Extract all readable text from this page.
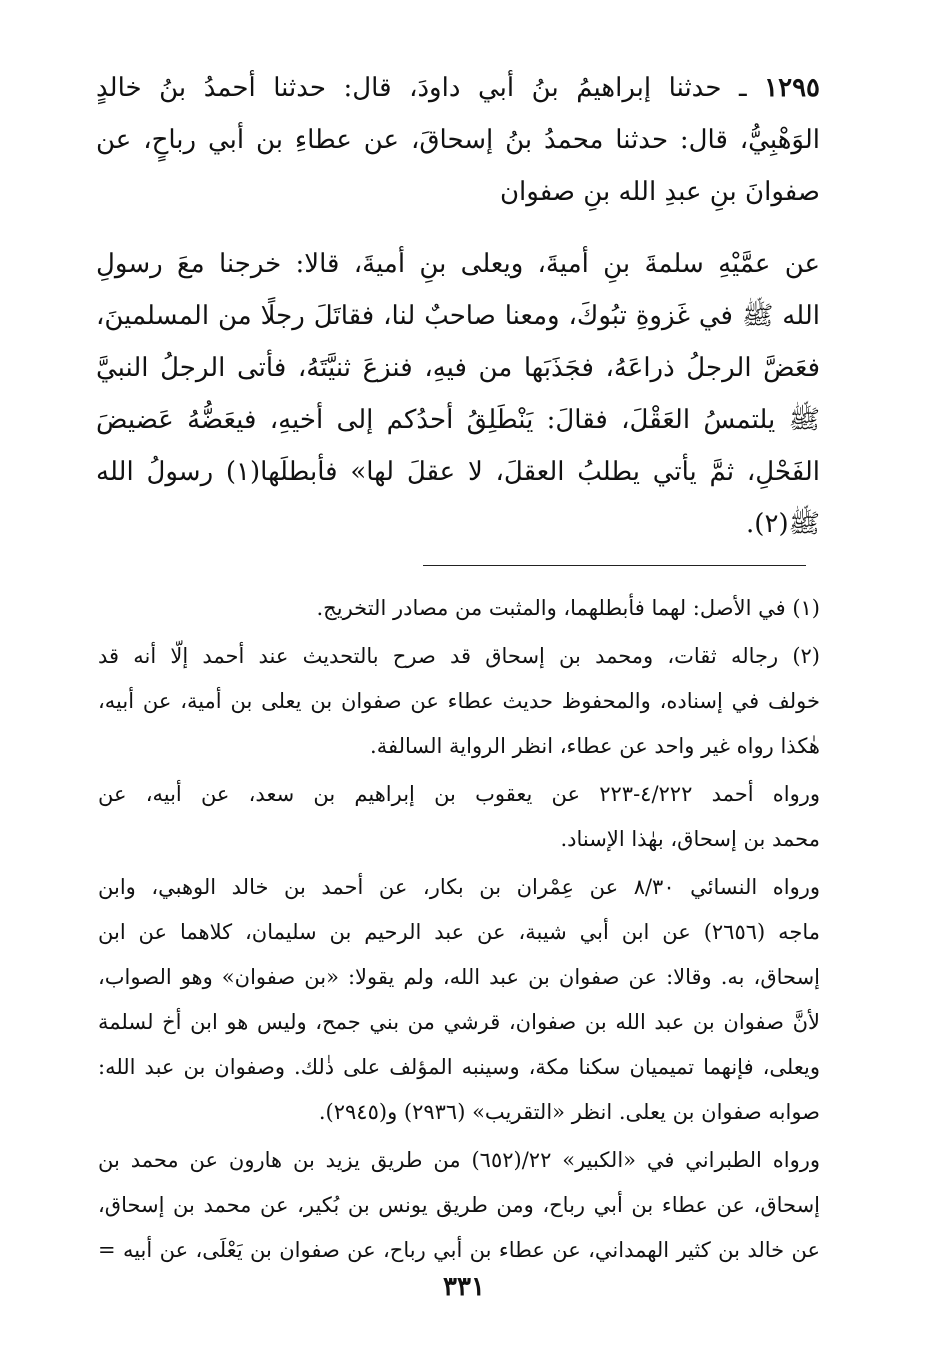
١٢٩٥ ـ حدثنا إبراهيمُ بنُ أبي داودَ، قال: حدثنا أحمدُ بنُ خالدٍ
الوَهْبِيُّ، قال: حدثنا محمدُ بنُ إسحاقَ، عن عطاءِ بن أبي رباحٍ، عن
صفوانَ بنِ عبدِ الله بنِ صفوان
عن عمَّيْهِ سلمةَ بنِ أميةَ، ويعلى بنِ أميةَ، قالا: خرجنا معَ رسولِ
الله ﷺ في غَزوةِ تبُوكَ، ومعنا صاحبٌ لنا، فقاتَلَ رجلًا من المسلمينَ،
فعَضَّ الرجلُ ذراعَهُ، فجَذَبَها من فيهِ، فنزعَ ثنيَّتَهُ، فأتى الرجلُ النبيَّ
ﷺ يلتمسُ العَقْلَ، فقالَ: يَنْطَلِقُ أحدُكم إلى أخيهِ، فيعَضُّهُ عَضيضَ
الفَحْلِ، ثمَّ يأتي يطلبُ العقلَ، لا عقلَ لها» فأبطلَها(١) رسولُ الله
ﷺ(٢).
(١) في الأصل: لهما فأبطلهما، والمثبت من مصادر التخريج.
(٢) رجاله ثقات، ومحمد بن إسحاق قد صرح بالتحديث عند أحمد إلّا أنه قد
خولف في إسناده، والمحفوظ حديث عطاء عن صفوان بن يعلى بن أمية، عن أبيه،
هٰكذا رواه غير واحد عن عطاء، انظر الرواية السالفة.
ورواه أحمد ٤/٢٢٢-٢٢٣ عن يعقوب بن إبراهيم بن سعد، عن أبيه، عن
محمد بن إسحاق، بهٰذا الإسناد.
ورواه النسائي ٨/٣٠ عن عِمْران بن بكار، عن أحمد بن خالد الوهبي، وابن
ماجه (٢٦٥٦) عن ابن أبي شيبة، عن عبد الرحيم بن سليمان، كلاهما عن ابن
إسحاق، به. وقالا: عن صفوان بن عبد الله، ولم يقولا: «بن صفوان» وهو الصواب،
لأنَّ صفوان بن عبد الله بن صفوان، قرشي من بني جمح، وليس هو ابن أخ لسلمة
ويعلى، فإنهما تميميان سكنا مكة، وسينبه المؤلف على ذٰلك. وصفوان بن عبد الله:
صوابه صفوان بن يعلى. انظر «التقريب» (٢٩٣٦) و(٢٩٤٥).
ورواه الطبراني في «الكبير» ٢٢/(٦٥٢) من طريق يزيد بن هارون عن محمد بن
إسحاق، عن عطاء بن أبي رباح، ومن طريق يونس بن بُكير، عن محمد بن إسحاق،
عن خالد بن كثير الهمداني، عن عطاء بن أبي رباح، عن صفوان بن يَعْلَى، عن أبيه =
٣٣١
